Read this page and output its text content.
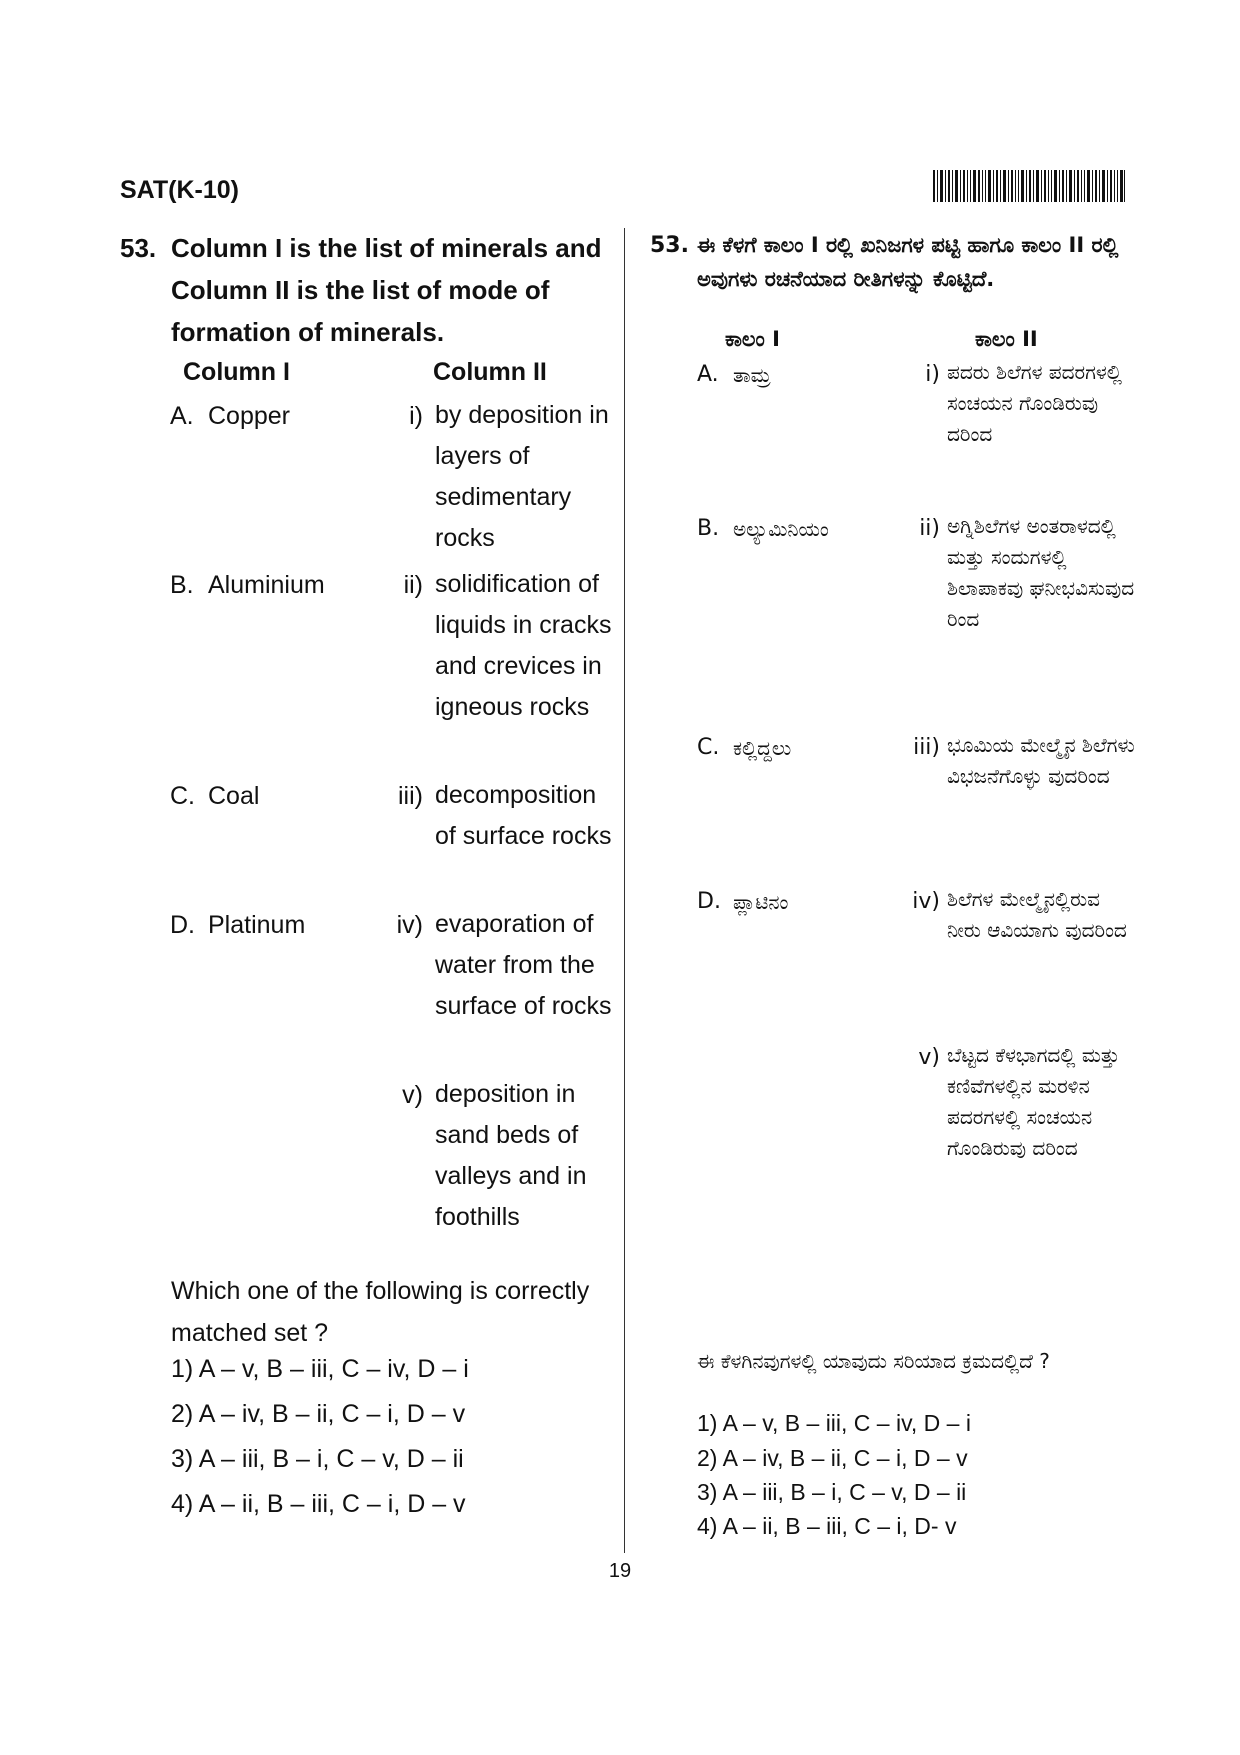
SAT(K-10)
53. Column I is the list of minerals and Column II is the list of mode of formation of minerals.
Column I	Column II
A. Copper	i) by deposition in layers of sedimentary rocks
B. Aluminium	ii) solidification of liquids in cracks and crevices in igneous rocks
C. Coal	iii) decomposition of surface rocks
D. Platinum	iv) evaporation of water from the surface of rocks
v) deposition in sand beds of valleys and in foothills
Which one of the following is correctly matched set ?
1) A – v, B – iii, C – iv, D – i
2) A – iv, B – ii, C – i, D – v
3) A – iii, B – i, C – v, D – ii
4) A – ii, B – iii, C – i, D – v
53. ಈ ಕೆಳಗೆ ಕಾಲಂ I ರಲ್ಲಿ ಖನಿಜಗಳ ಪಟ್ಟಿ ಹಾಗೂ ಕಾಲಂ II ರಲ್ಲಿ ಅವುಗಳು ರಚನೆಯಾದ ರೀತಿಗಳನ್ನು ಕೊಟ್ಟಿದೆ.
ಕಾಲಂ I	ಕಾಲಂ II
A. ತಾಮ್ರ	i) ಪದರು ಶಿಲೆಗಳ ಪದರಗಳಲ್ಲಿ ಸಂಚಯನ ಗೊಂಡಿರುವು ದರಿಂದ
B. ಅಲ್ಯುಮಿನಿಯಂ	ii) ಅಗ್ನಿಶಿಲೆಗಳ ಅಂತರಾಳದಲ್ಲಿ ಮತ್ತು ಸಂದುಗಳಲ್ಲಿ ಶಿಲಾಪಾಕವು ಘನೀಭವಿಸುವುದ ರಿಂದ
C. ಕಲ್ಲಿದ್ದಲು	iii) ಭೂಮಿಯ ಮೇಲ್ಮೈನ ಶಿಲೆಗಳು ವಿಭಜನೆಗೊಳ್ಳು ವುದರಿಂದ
D. ಪ್ಲಾಟಿನಂ	iv) ಶಿಲೆಗಳ ಮೇಲ್ಮೈನಲ್ಲಿರುವ ನೀರು ಆವಿಯಾಗು ವುದರಿಂದ
v) ಬೆಟ್ಟದ ಕೆಳಭಾಗದಲ್ಲಿ ಮತ್ತು ಕಣಿವೆಗಳಲ್ಲಿನ ಮರಳಿನ ಪದರಗಳಲ್ಲಿ ಸಂಚಯನ ಗೊಂಡಿರುವು ದರಿಂದ
ಈ ಕೆಳಗಿನವುಗಳಲ್ಲಿ ಯಾವುದು ಸರಿಯಾದ ಕ್ರಮದಲ್ಲಿದೆ ?
1) A – v, B – iii, C – iv, D – i
2) A – iv, B – ii, C – i, D – v
3) A – iii, B – i, C – v, D – ii
4) A – ii, B – iii, C – i, D- v
19
